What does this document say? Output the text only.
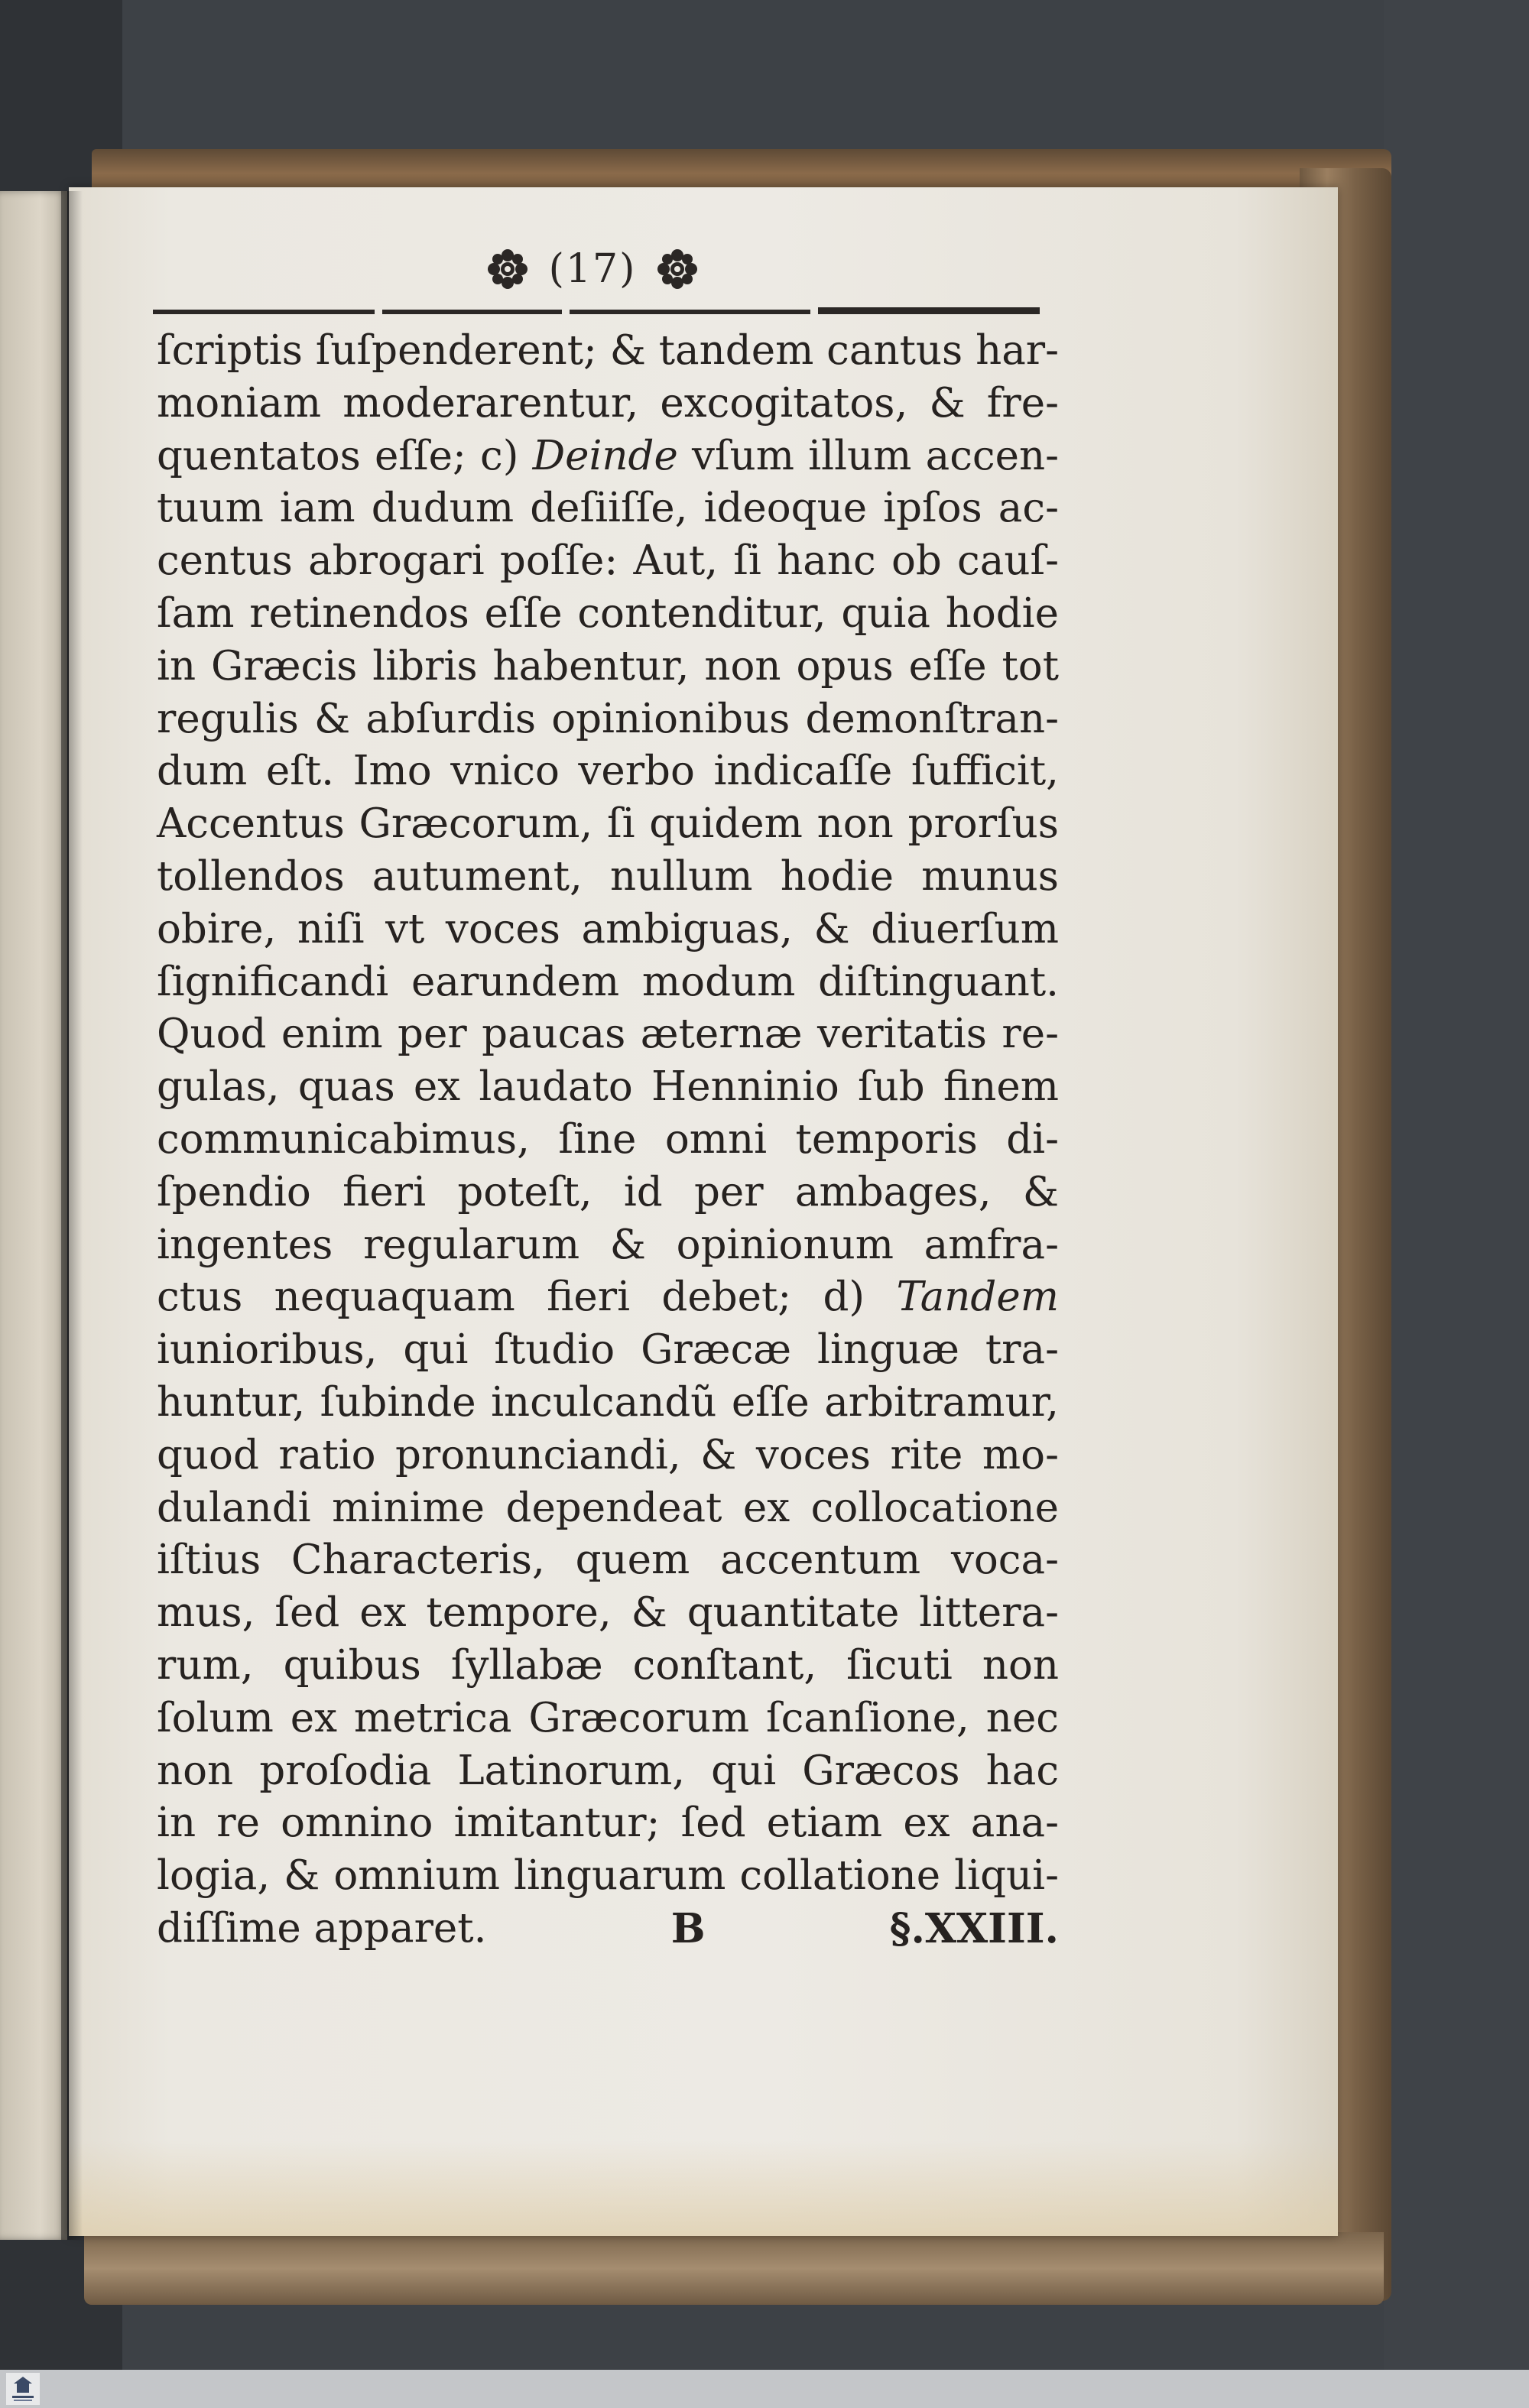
(17)
ſcriptis ſuſpenderent; & tandem cantus har-
moniam moderarentur, excogitatos, & fre-
quentatos eſſe; c) Deinde vſum illum accen-
tuum iam dudum deſiiſſe, ideoque ipſos ac-
centus abrogari poſſe: Aut, ſi hanc ob cauſ-
ſam retinendos eſſe contenditur, quia hodie
in Græcis libris habentur, non opus eſſe tot
regulis & abſurdis opinionibus demonſtran-
dum eſt. Imo vnico verbo indicaſſe ſufficit,
Accentus Græcorum, ſi quidem non prorſus
tollendos autument, nullum hodie munus
obire, niſi vt voces ambiguas, & diuerſum
ſignificandi earundem modum diſtinguant.
Quod enim per paucas æternæ veritatis re-
gulas, quas ex laudato Henninio ſub finem
communicabimus, ſine omni temporis di-
ſpendio fieri poteſt, id per ambages, &
ingentes regularum & opinionum amfra-
ctus nequaquam fieri debet; d) Tandem
iunioribus, qui ſtudio Græcæ linguæ tra-
huntur, ſubinde inculcandũ eſſe arbitramur,
quod ratio pronunciandi, & voces rite mo-
dulandi minime dependeat ex collocatione
iſtius Characteris, quem accentum voca-
mus, ſed ex tempore, & quantitate littera-
rum, quibus ſyllabæ conſtant, ſicuti non
ſolum ex metrica Græcorum ſcanſione, nec
non proſodia Latinorum, qui Græcos hac
in re omnino imitantur; ſed etiam ex ana-
logia, & omnium linguarum collatione liqui-
diſſime apparet.	B	§.XXIII.
